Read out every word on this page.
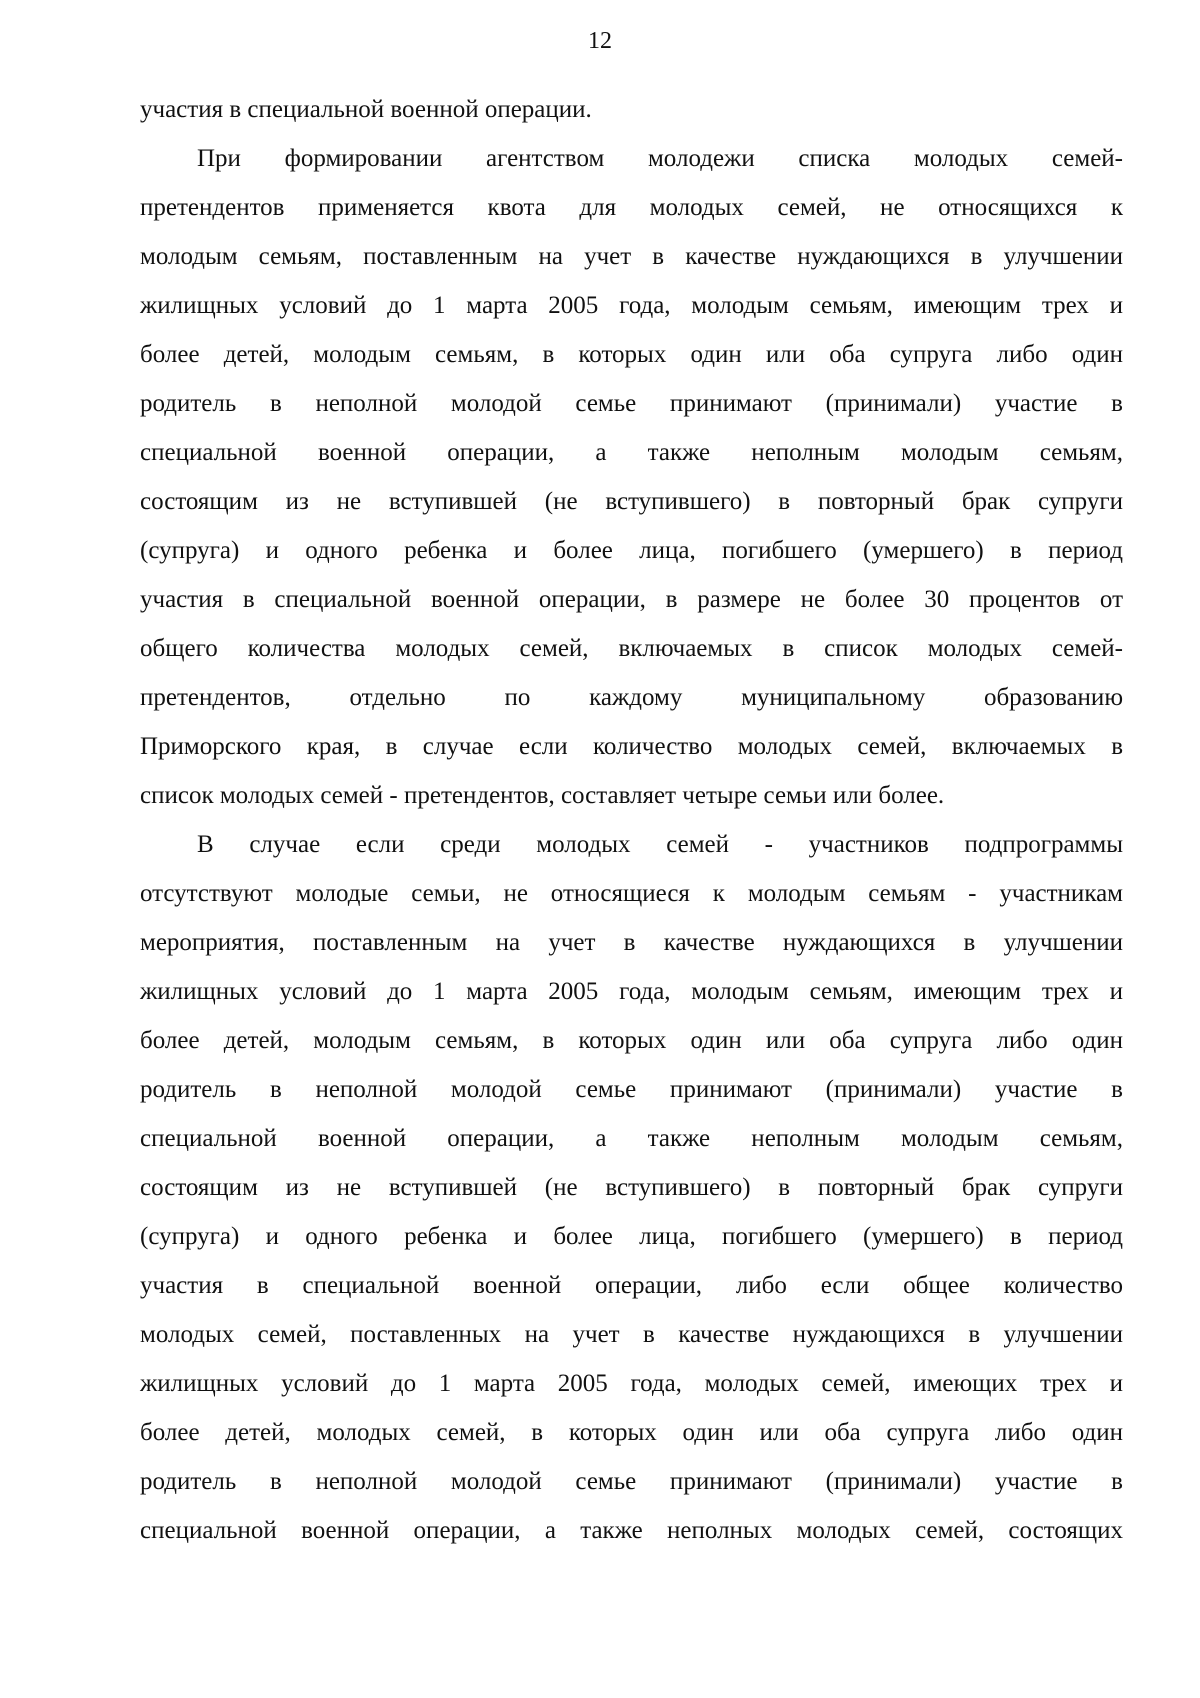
12
участия в специальной военной операции.
При формировании агентством молодежи списка молодых семей-
претендентов применяется квота для молодых семей, не относящихся к
молодым семьям, поставленным на учет в качестве нуждающихся в улучшении
жилищных условий до 1 марта 2005 года, молодым семьям, имеющим трех и
более детей, молодым семьям, в которых один или оба супруга либо один
родитель в неполной молодой семье принимают (принимали) участие в
специальной военной операции, а также неполным молодым семьям,
состоящим из не вступившей (не вступившего) в повторный брак супруги
(супруга) и одного ребенка и более лица, погибшего (умершего) в период
участия в специальной военной операции, в размере не более 30 процентов от
общего количества молодых семей, включаемых в список молодых семей-
претендентов, отдельно по каждому муниципальному образованию
Приморского края, в случае если количество молодых семей, включаемых в
список молодых семей - претендентов, составляет четыре семьи или более.
В случае если среди молодых семей - участников подпрограммы
отсутствуют молодые семьи, не относящиеся к молодым семьям - участникам
мероприятия, поставленным на учет в качестве нуждающихся в улучшении
жилищных условий до 1 марта 2005 года, молодым семьям, имеющим трех и
более детей, молодым семьям, в которых один или оба супруга либо один
родитель в неполной молодой семье принимают (принимали) участие в
специальной военной операции, а также неполным молодым семьям,
состоящим из не вступившей (не вступившего) в повторный брак супруги
(супруга) и одного ребенка и более лица, погибшего (умершего) в период
участия в специальной военной операции, либо если общее количество
молодых семей, поставленных на учет в качестве нуждающихся в улучшении
жилищных условий до 1 марта 2005 года, молодых семей, имеющих трех и
более детей, молодых семей, в которых один или оба супруга либо один
родитель в неполной молодой семье принимают (принимали) участие в
специальной военной операции, а также неполных молодых семей, состоящих
